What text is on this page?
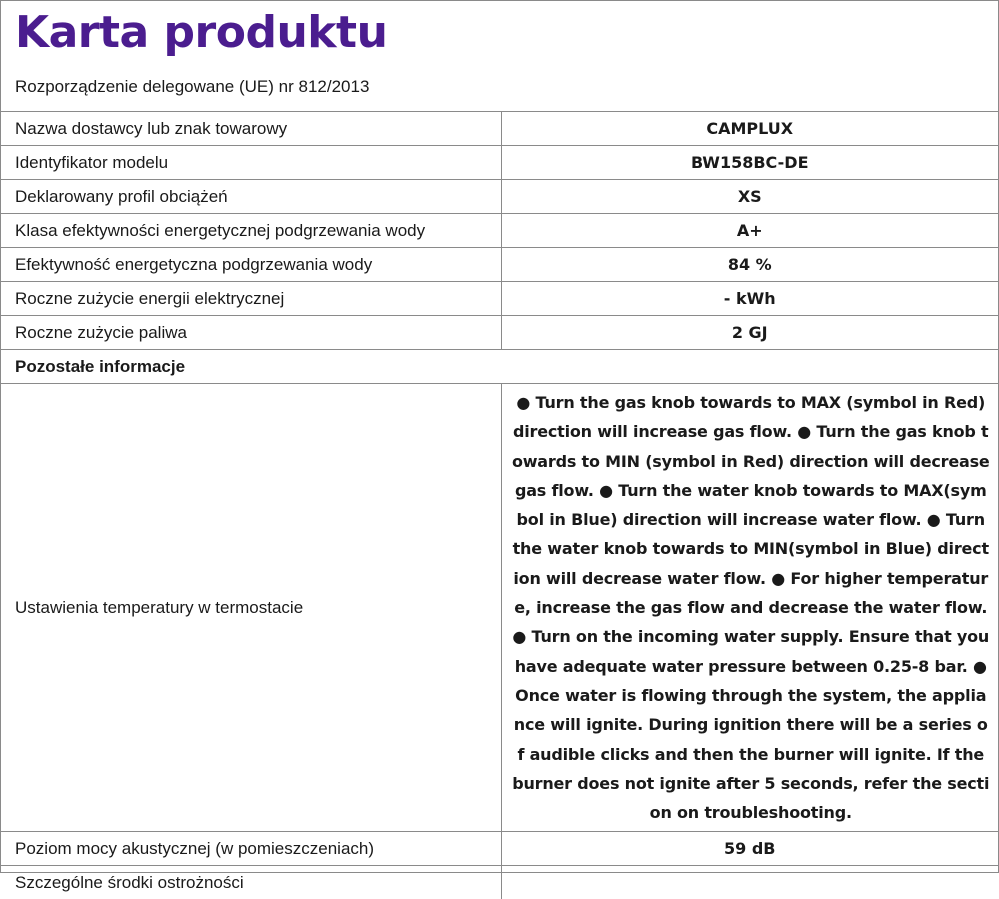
Karta produktu
Rozporządzenie delegowane (UE) nr 812/2013
Nazwa dostawcy lub znak towarowy	CAMPLUX
Identyfikator modelu	BW158BC-DE
Deklarowany profil obciążeń	XS
Klasa efektywności energetycznej podgrzewania wody	A+
Efektywność energetyczna podgrzewania wody	84 %
Roczne zużycie energii elektrycznej	- kWh
Roczne zużycie paliwa	2 GJ
Pozostałe informacje	
Ustawienia temperatury w termostacie	● Turn the gas knob towards to MAX (symbol in Red) direction will increase gas flow. ● Turn the gas knob towards to MIN (symbol in Red) direction will decrease gas flow. ● Turn the water knob towards to MAX(symbol in Blue) direction will increase water flow. ● Turn the water knob towards to MIN(symbol in Blue) direction will decrease water flow. ● For higher temperature, increase the gas flow and decrease the water flow. ● Turn on the incoming water supply. Ensure that you have adequate water pressure between 0.25-8 bar. ● Once water is flowing through the system, the appliance will ignite. During ignition there will be a series of audible clicks and then the burner will ignite. If the burner does not ignite after 5 seconds, refer the section on troubleshooting.
Poziom mocy akustycznej (w pomieszczeniach)	59 dB
Szczególne środki ostrożności	
